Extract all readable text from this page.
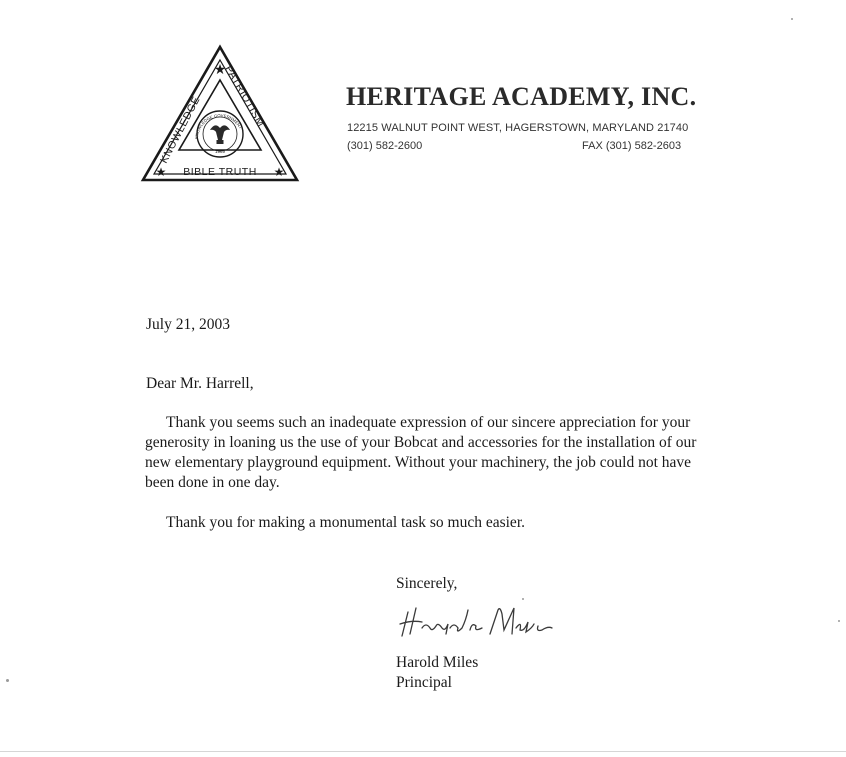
★
★	★
KNOWLEDGE
PATRIOTISM
BIBLE TRUTH
KNOWLEDGE GOVERNMENT
1969
HERITAGE ACADEMY, INC.
12215 WALNUT POINT WEST, HAGERSTOWN, MARYLAND 21740
(301) 582-2600	FAX (301) 582-2603

July 21, 2003

Dear Mr. Harrell,

Thank you seems such an inadequate expression of our sincere appreciation for your generosity in loaning us the use of your Bobcat and accessories for the installation of our new elementary playground equipment. Without your machinery, the job could not have been done in one day.

Thank you for making a monumental task so much easier.

Sincerely,

Harold Miles

Principal
